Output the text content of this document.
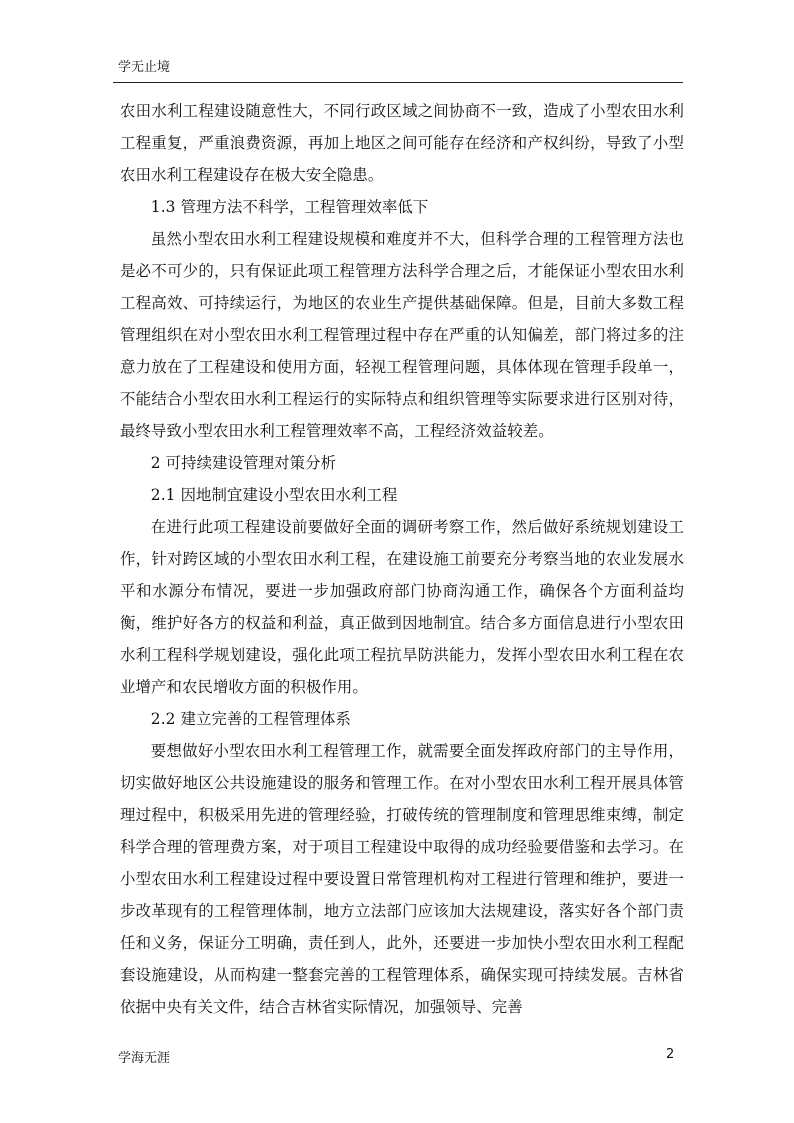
学无止境

农田水利工程建设随意性大，不同行政区域之间协商不一致，造成了小型农田水利工程重复，严重浪费资源，再加上地区之间可能存在经济和产权纠纷，导致了小型农田水利工程建设存在极大安全隐患。

1.3 管理方法不科学，工程管理效率低下

虽然小型农田水利工程建设规模和难度并不大，但科学合理的工程管理方法也是必不可少的，只有保证此项工程管理方法科学合理之后，才能保证小型农田水利工程高效、可持续运行，为地区的农业生产提供基础保障。但是，目前大多数工程管理组织在对小型农田水利工程管理过程中存在严重的认知偏差，部门将过多的注意力放在了工程建设和使用方面，轻视工程管理问题，具体体现在管理手段单一，不能结合小型农田水利工程运行的实际特点和组织管理等实际要求进行区别对待，最终导致小型农田水利工程管理效率不高，工程经济效益较差。

2 可持续建设管理对策分析

2.1 因地制宜建设小型农田水利工程

在进行此项工程建设前要做好全面的调研考察工作，然后做好系统规划建设工作，针对跨区域的小型农田水利工程，在建设施工前要充分考察当地的农业发展水平和水源分布情况，要进一步加强政府部门协商沟通工作，确保各个方面利益均衡，维护好各方的权益和利益，真正做到因地制宜。结合多方面信息进行小型农田水利工程科学规划建设，强化此项工程抗旱防洪能力，发挥小型农田水利工程在农业增产和农民增收方面的积极作用。

2.2 建立完善的工程管理体系

要想做好小型农田水利工程管理工作，就需要全面发挥政府部门的主导作用，切实做好地区公共设施建设的服务和管理工作。在对小型农田水利工程开展具体管理过程中，积极采用先进的管理经验，打破传统的管理制度和管理思维束缚，制定科学合理的管理费方案，对于项目工程建设中取得的成功经验要借鉴和去学习。在小型农田水利工程建设过程中要设置日常管理机构对工程进行管理和维护，要进一步改革现有的工程管理体制，地方立法部门应该加大法规建设，落实好各个部门责任和义务，保证分工明确，责任到人，此外，还要进一步加快小型农田水利工程配套设施建设，从而构建一整套完善的工程管理体系，确保实现可持续发展。吉林省依据中央有关文件，结合吉林省实际情况，加强领导、完善

学海无涯	2
